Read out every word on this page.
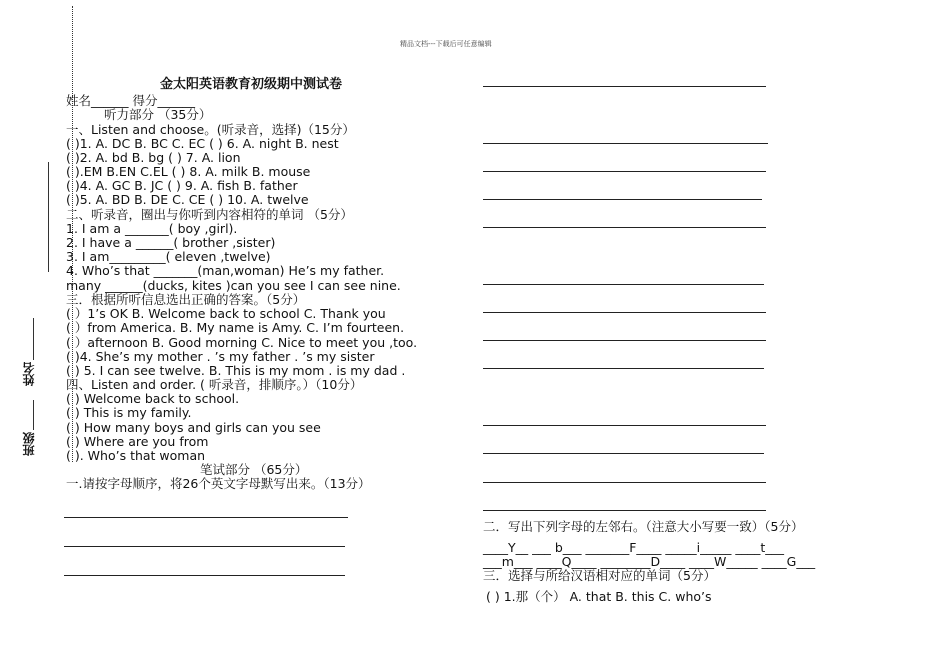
精品文档---下载后可任意编辑
金太阳英语教育初级期中测试卷
姓名
班级
姓名______ 得分______
听力部分 （35分）
一、Listen and choose。(听录音，选择)（15分）
( )1. A. DC B. BC C. EC ( ) 6. A. night B. nest
( )2. A. bd B. bg ( ) 7. A. lion
( ).EM B.EN C.EL ( ) 8. A. milk B. mouse
( )4. A. GC B. JC ( ) 9. A. fish B. father
( )5. A. BD B. DE C. CE ( ) 10. A. twelve
二、听录音，圈出与你听到内容相符的单词 （5分）
1. I am a _______( boy ,girl).
2. I have a ______( brother ,sister)
3. I am_________( eleven ,twelve)
4. Who’s that _______(man,woman) He’s my father.
many ______(ducks, kites )can you see I can see nine.
三．根据所听信息选出正确的答案。（5分）
( ）1’s OK B. Welcome back to school C. Thank you
( ）from America. B. My name is Amy. C. I’m fourteen.
( ）afternoon B. Good morning C. Nice to meet you ,too.
( )4. She’s my mother . ’s my father . ’s my sister
( ) 5. I can see twelve. B. This is my mom . is my dad .
四、Listen and order. ( 听录音，排顺序。）（10分）
( ) Welcome back to school.
( ) This is my family.
( ) How many boys and girls can you see
( ) Where are you from
( ). Who’s that woman
笔试部分 （65分）
一.请按字母顺序，将26个英文字母默写出来。（13分）
二．写出下列字母的左邻右。（注意大小写要一致）（5分）
____Y__ ___ b___ _______F____ _____i_____ ____t___
___m___ ____Q____ ________D____ ____W_____ ____G___
三．选择与所给汉语相对应的单词（5分）
( ) 1.那（个） A. that B. this C. who’s
